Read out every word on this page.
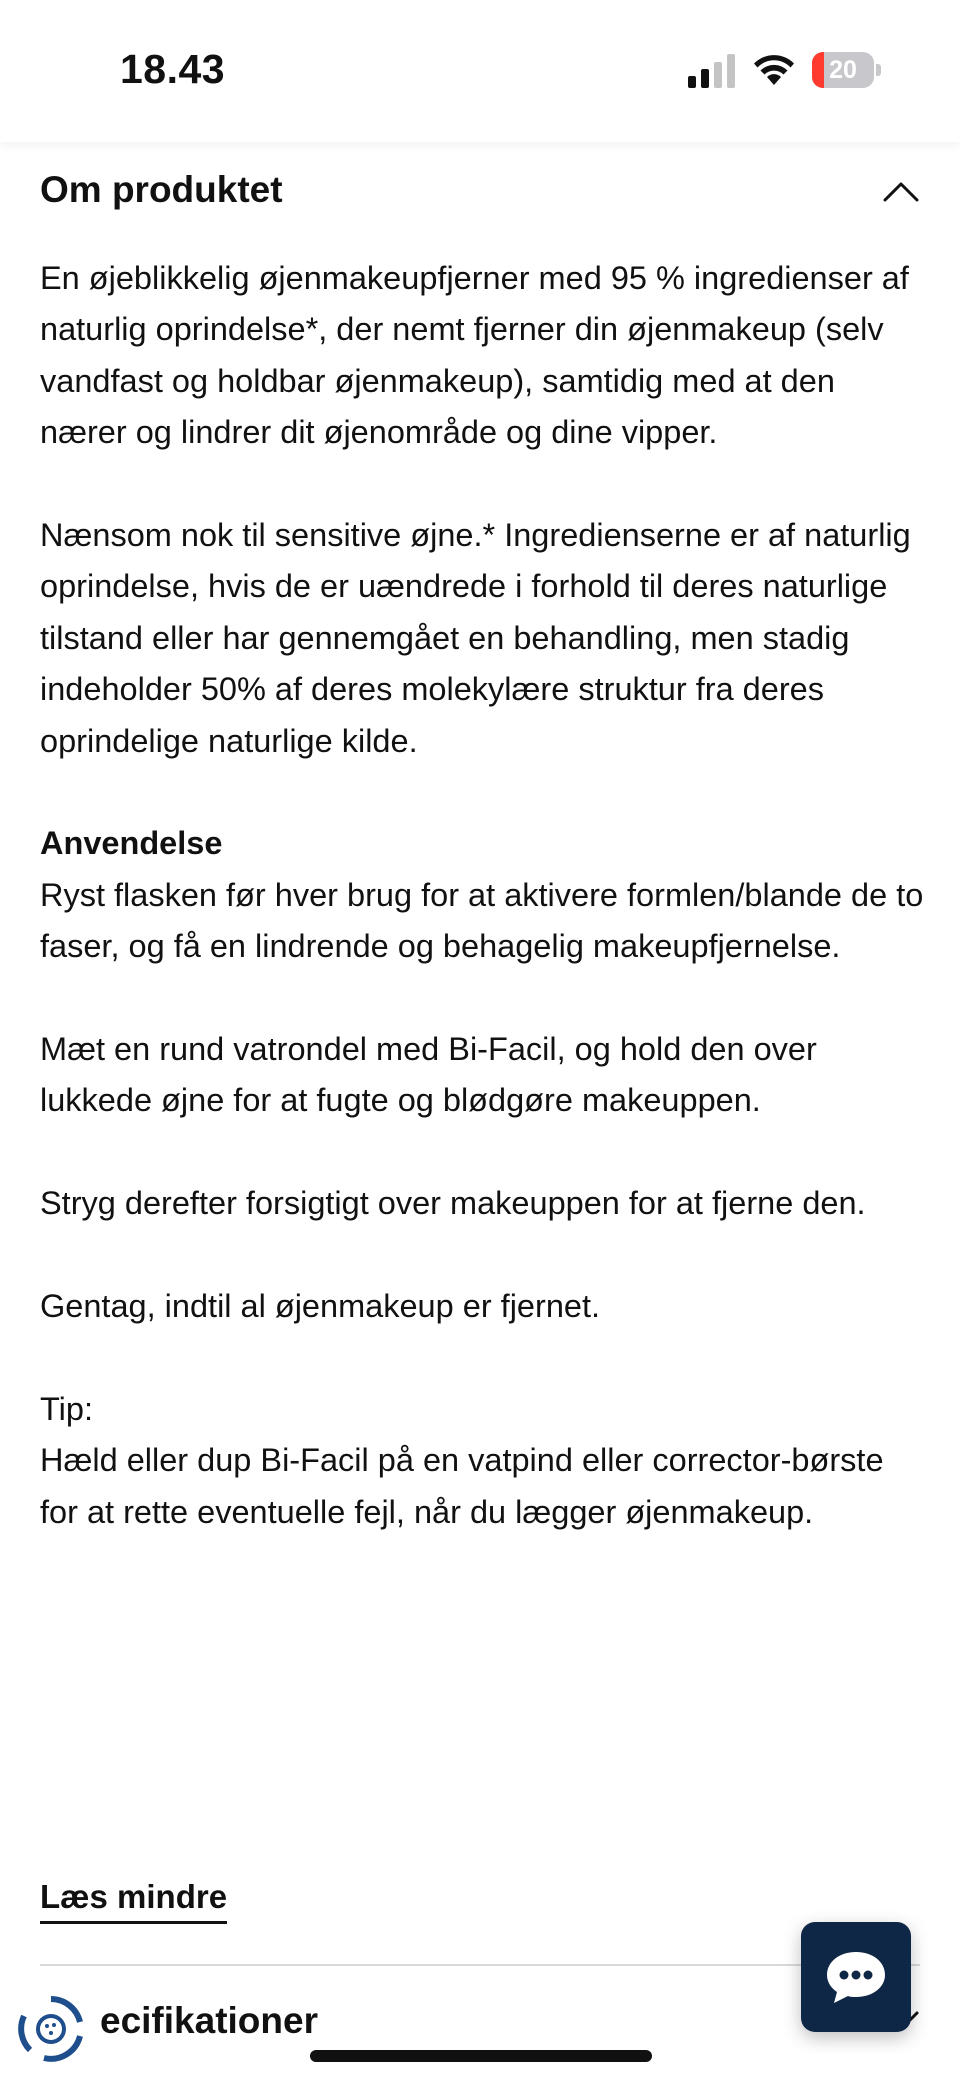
18.43	20
Om produktet

En øjeblikkelig øjenmakeupfjerner med 95 % ingredienser af naturlig oprindelse*, der nemt fjerner din øjenmakeup (selv vandfast og holdbar øjenmakeup), samtidig med at den nærer og lindrer dit øjenområde og dine vipper.

Nænsom nok til sensitive øjne.* Ingredienserne er af naturlig oprindelse, hvis de er uændrede i forhold til deres naturlige tilstand eller har gennemgået en behandling, men stadig indeholder 50% af deres molekylære struktur fra deres oprindelige naturlige kilde.

Anvendelse

Ryst flasken før hver brug for at aktivere formlen/blande de to faser, og få en lindrende og behagelig makeupfjernelse.

Mæt en rund vatrondel med Bi-Facil, og hold den over lukkede øjne for at fugte og blødgøre makeuppen.

Stryg derefter forsigtigt over makeuppen for at fjerne den.

Gentag, indtil al øjenmakeup er fjernet.

Tip:

Hæld eller dup Bi-Facil på en vatpind eller corrector-børste for at rette eventuelle fejl, når du lægger øjenmakeup.

Læs mindre
ecifikationer
